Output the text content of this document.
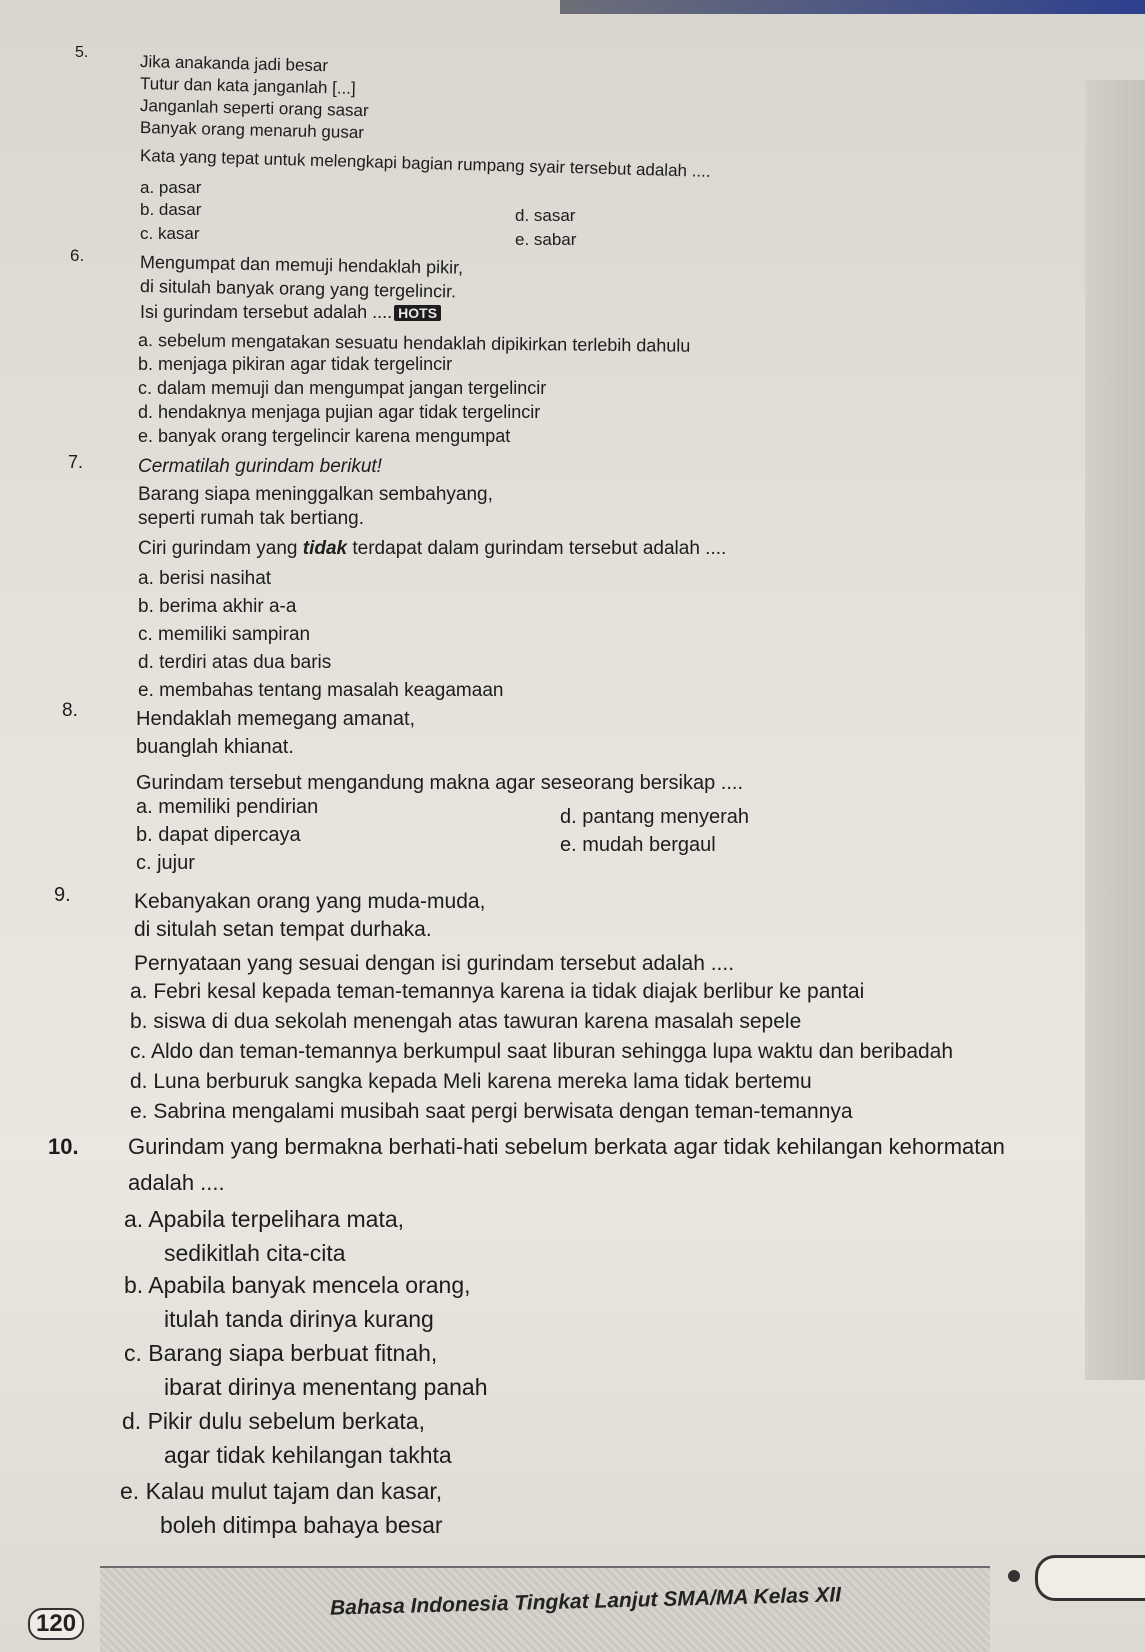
5.	Jika anakanda jadi besar
Tutur dan kata janganlah [...]
Janganlah seperti orang sasar
Banyak orang menaruh gusar
Kata yang tepat untuk melengkapi bagian rumpang syair tersebut adalah ....
a. pasar
b. dasar
c. kasar
d. sasar
e. sabar
6.	Mengumpat dan memuji hendaklah pikir,
di situlah banyak orang yang tergelincir.
Isi gurindam tersebut adalah .... HOTS
a. sebelum mengatakan sesuatu hendaklah dipikirkan terlebih dahulu
b. menjaga pikiran agar tidak tergelincir
c. dalam memuji dan mengumpat jangan tergelincir
d. hendaknya menjaga pujian agar tidak tergelincir
e. banyak orang tergelincir karena mengumpat
7.	Cermatilah gurindam berikut!
Barang siapa meninggalkan sembahyang,
seperti rumah tak bertiang.
Ciri gurindam yang tidak terdapat dalam gurindam tersebut adalah ....
a. berisi nasihat
b. berima akhir a-a
c. memiliki sampiran
d. terdiri atas dua baris
e. membahas tentang masalah keagamaan
8.	Hendaklah memegang amanat,
buanglah khianat.
Gurindam tersebut mengandung makna agar seseorang bersikap ....
a. memiliki pendirian
b. dapat dipercaya
c. jujur
d. pantang menyerah
e. mudah bergaul
9.	Kebanyakan orang yang muda-muda,
di situlah setan tempat durhaka.
Pernyataan yang sesuai dengan isi gurindam tersebut adalah ....
a. Febri kesal kepada teman-temannya karena ia tidak diajak berlibur ke pantai
b. siswa di dua sekolah menengah atas tawuran karena masalah sepele
c. Aldo dan teman-temannya berkumpul saat liburan sehingga lupa waktu dan beribadah
d. Luna berburuk sangka kepada Meli karena mereka lama tidak bertemu
e. Sabrina mengalami musibah saat pergi berwisata dengan teman-temannya
10. Gurindam yang bermakna berhati-hati sebelum berkata agar tidak kehilangan kehormatan
adalah ....
a. Apabila terpelihara mata,
sedikitlah cita-cita
b. Apabila banyak mencela orang,
itulah tanda dirinya kurang
c. Barang siapa berbuat fitnah,
ibarat dirinya menentang panah
d. Pikir dulu sebelum berkata,
agar tidak kehilangan takhta
e. Kalau mulut tajam dan kasar,
boleh ditimpa bahaya besar
Bahasa Indonesia Tingkat Lanjut SMA/MA Kelas XII
120
